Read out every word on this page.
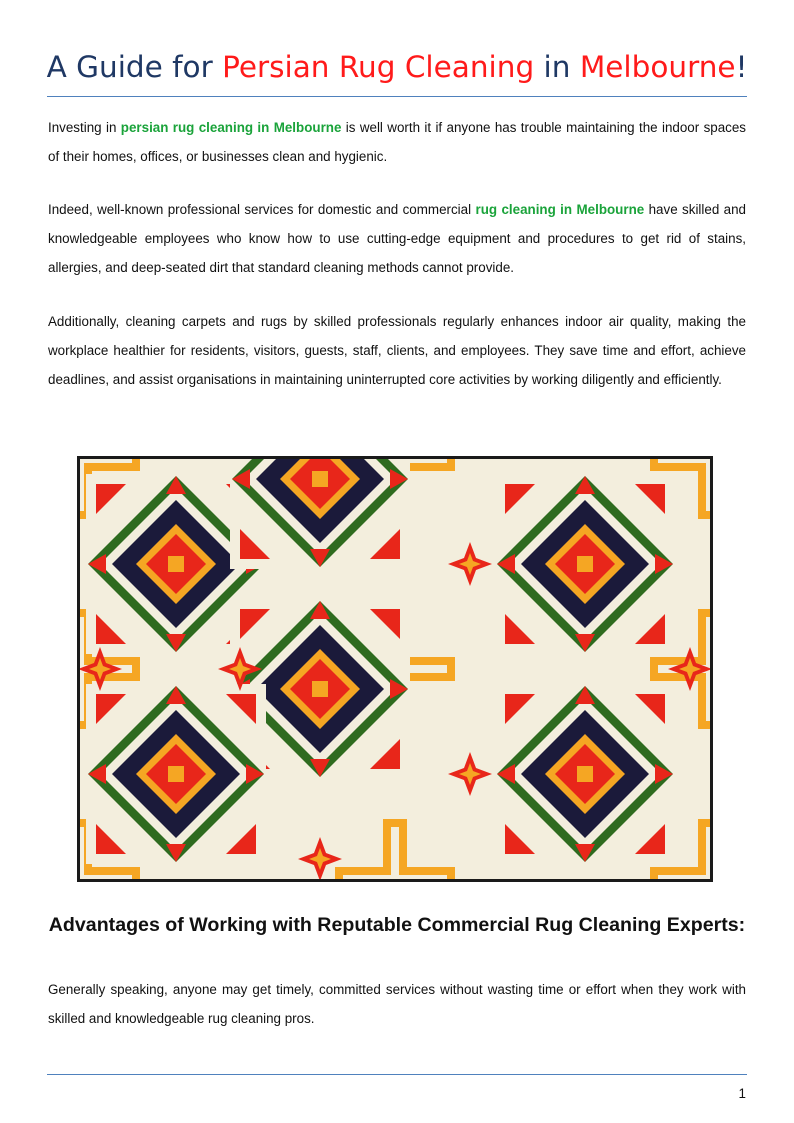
A Guide for Persian Rug Cleaning in Melbourne!

Investing in persian rug cleaning in Melbourne is well worth it if anyone has trouble maintaining the indoor spaces of their homes, offices, or businesses clean and hygienic.

Indeed, well-known professional services for domestic and commercial rug cleaning in Melbourne have skilled and knowledgeable employees who know how to use cutting-edge equipment and procedures to get rid of stains, allergies, and deep-seated dirt that standard cleaning methods cannot provide.

Additionally, cleaning carpets and rugs by skilled professionals regularly enhances indoor air quality, making the workplace healthier for residents, visitors, guests, staff, clients, and employees. They save time and effort, achieve deadlines, and assist organisations in maintaining uninterrupted core activities by working diligently and efficiently.

Advantages of Working with Reputable Commercial Rug Cleaning Experts:

Generally speaking, anyone may get timely, committed services without wasting time or effort when they work with skilled and knowledgeable rug cleaning pros.

1
